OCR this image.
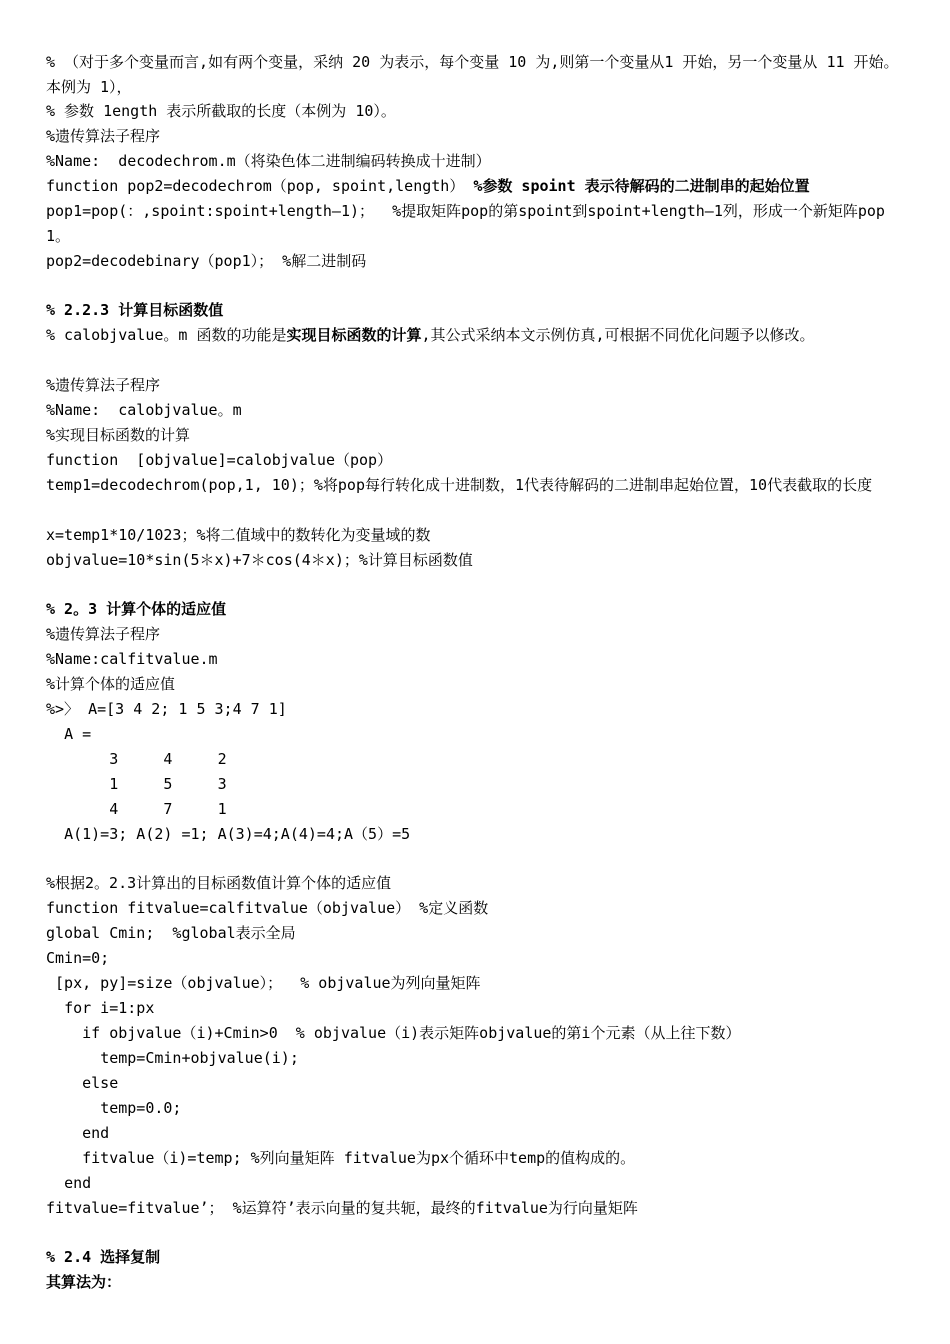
% （对于多个变量而言,如有两个变量，采纳 20 为表示，每个变量 10 为,则第一个变量从1 开始，另一个变量从 11 开始。本例为 1），
% 参数 1ength 表示所截取的长度（本例为 10）。
%遗传算法子程序
%Name:  decodechrom.m（将染色体二进制编码转换成十进制）
function pop2=decodechrom（pop, spoint,length） %参数 spoint 表示待解码的二进制串的起始位置
pop1=pop(：,spoint:spoint+length—1)；  %提取矩阵pop的第spoint到spoint+length—1列，形成一个新矩阵pop1。
pop2=decodebinary（pop1）； %解二进制码
% 2.2.3 计算目标函数值
% calobjvalue。m 函数的功能是实现目标函数的计算,其公式采纳本文示例仿真,可根据不同优化问题予以修改。
%遗传算法子程序
%Name:  calobjvalue。m
%实现目标函数的计算
function  [objvalue]=calobjvalue（pop）
temp1=decodechrom(pop,1, 10)；%将pop每行转化成十进制数，1代表待解码的二进制串起始位置，10代表截取的长度
x=temp1*10/1023；%将二值域中的数转化为变量域的数
objvalue=10*sin(5＊x)+7＊cos(4＊x)；%计算目标函数值
% 2。3 计算个体的适应值
%遗传算法子程序
%Name:calfitvalue.m
%计算个体的适应值
%>〉 A=[3 4 2; 1 5 3;4 7 1]
A =
3     4     2
1     5     3
4     7     1
A(1)=3; A(2) =1; A(3)=4;A(4)=4;A（5）=5
%根据2。2.3计算出的目标函数值计算个体的适应值
function fitvalue=calfitvalue（objvalue） %定义函数
global Cmin;  %global表示全局
Cmin=0;
[px, py]=size（objvalue）；  % objvalue为列向量矩阵
for i=1:px
if objvalue（i)+Cmin>0  % objvalue（i)表示矩阵objvalue的第i个元素（从上往下数）
temp=Cmin+objvalue(i);
else
temp=0.0;
end
fitvalue（i)=temp; %列向量矩阵 fitvalue为px个循环中temp的值构成的。
end
fitvalue=fitvalue’； %运算符’表示向量的复共轭，最终的fitvalue为行向量矩阵
% 2.4 选择复制
其算法为：
